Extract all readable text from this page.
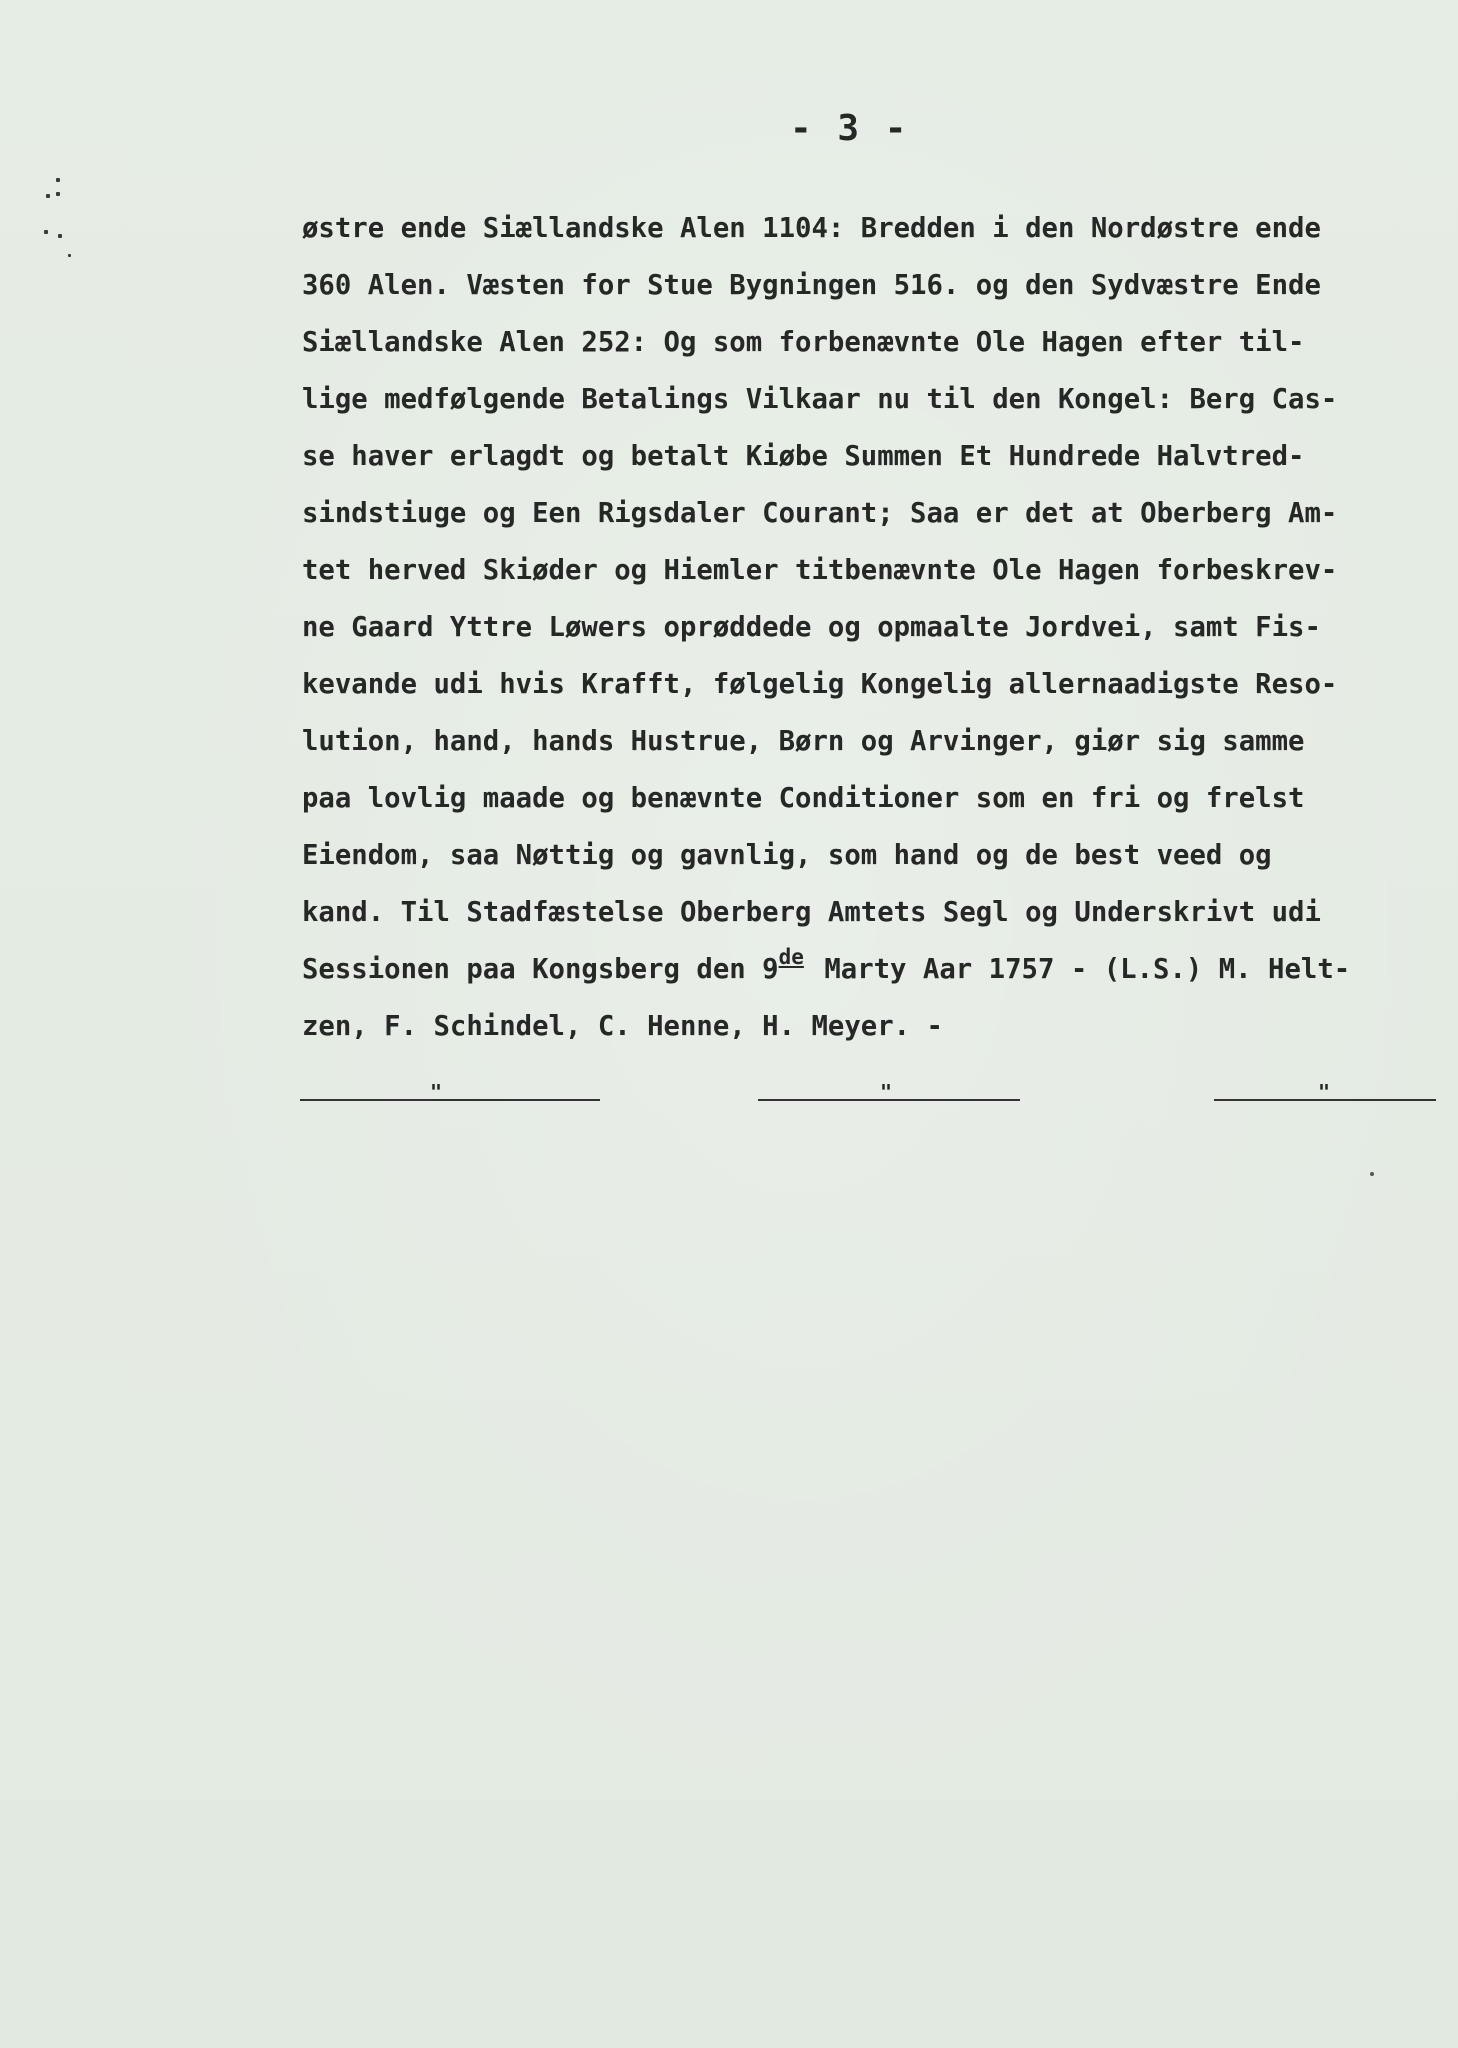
- 3 -
østre ende Siællandske Alen 1104: Bredden i den Nordøstre ende
360 Alen. Væsten for Stue Bygningen 516. og den Sydvæstre Ende
Siællandske Alen 252: Og som forbenævnte Ole Hagen efter til-
lige medfølgende Betalings Vilkaar nu til den Kongel: Berg Cas-
se haver erlagdt og betalt Kiøbe Summen Et Hundrede Halvtred-
sindstiuge og Een Rigsdaler Courant; Saa er det at Oberberg Am-
tet herved Skiøder og Hiemler titbenævnte Ole Hagen forbeskrev-
ne Gaard Yttre Løwers oprøddede og opmaalte Jordvei, samt Fis-
kevande udi hvis Krafft, følgelig Kongelig allernaadigste Reso-
lution, hand, hands Hustrue, Børn og Arvinger, giør sig samme
paa lovlig maade og benævnte Conditioner som en fri og frelst
Eiendom, saa Nøttig og gavnlig, som hand og de best veed og
kand. Til Stadfæstelse Oberberg Amtets Segl og Underskrivt udi
Sessionen paa Kongsberg den 9de Marty Aar 1757 - (L.S.) M. Helt-
zen, F. Schindel, C. Henne, H. Meyer. -
"	"	"
